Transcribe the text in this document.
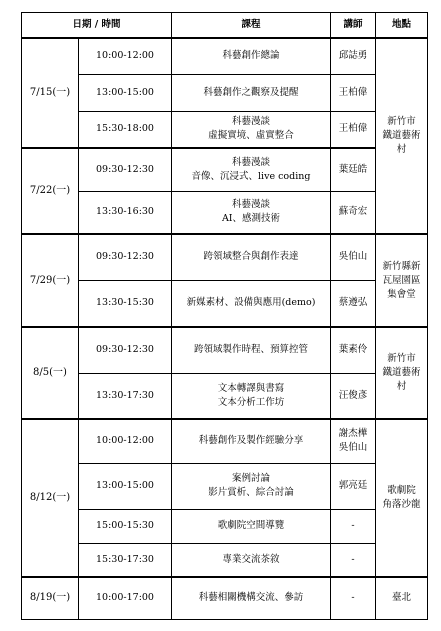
日期 / 時間		課程	講師	地點
7/15(一)	10:00-12:00	科藝創作總論	邱誌勇	新竹市
鐵道藝術
村

	13:00-15:00	科藝創作之觀察及提醒	王柏偉	

	15:30-18:00	科藝漫談
虛擬實境、虛實整合	王柏偉	

7/22(一)	09:30-12:30	科藝漫談
音像、沉浸式、live coding	葉廷皓	

	13:30-16:30	科藝漫談
AI、感測技術	蘇奇宏	

7/29(一)	09:30-12:30	跨領域整合與創作表達	吳伯山	新竹縣新
瓦屋園區
集會堂

	13:30-15:30	新媒素材、設備與應用(demo)	蔡遵弘	

8/5(一)	09:30-12:30	跨領域製作時程、預算控管	葉素伶	新竹市
鐵道藝術
村

	13:30-17:30	文本轉譯與書寫
文本分析工作坊	汪俊彥	

8/12(一)	10:00-12:00	科藝創作及製作經驗分享	謝杰樺
吳伯山	歌劇院
角落沙龍

	13:00-15:00	案例討論
影片賞析、綜合討論	郭亮廷	

	15:00-15:30	歌劇院空間導覽	-	

	15:30-17:30	專業交流茶敘	-	

8/19(一)	10:00-17:00	科藝相關機構交流、參訪	-	臺北
